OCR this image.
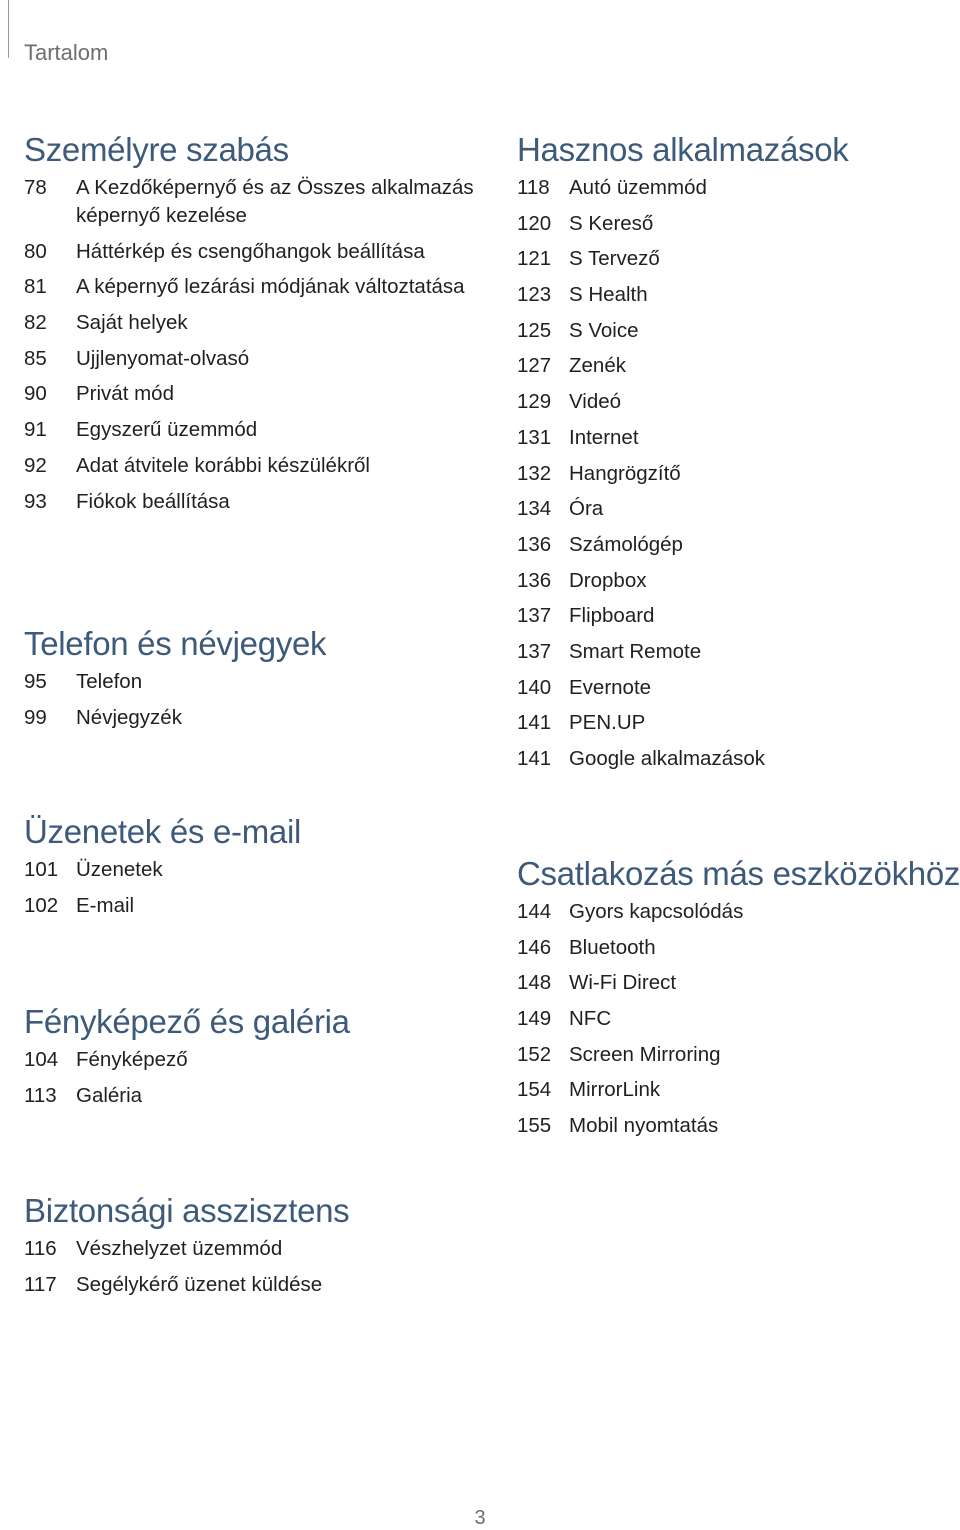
Tartalom
Személyre szabás
78	A Kezdőképernyő és az Összes alkalmazás képernyő kezelése
80	Háttérkép és csengőhangok beállítása
81	A képernyő lezárási módjának változtatása
82	Saját helyek
85	Ujjlenyomat-olvasó
90	Privát mód
91	Egyszerű üzemmód
92	Adat átvitele korábbi készülékről
93	Fiókok beállítása
Telefon és névjegyek
95	Telefon
99	Névjegyzék
Üzenetek és e-mail
101 Üzenetek
102 E-mail
Fényképező és galéria
104 Fényképező
113 Galéria
Biztonsági asszisztens
116 Vészhelyzet üzemmód
117 Segélykérő üzenet küldése
Hasznos alkalmazások
118 Autó üzemmód
120 S Kereső
121 S Tervező
123 S Health
125 S Voice
127 Zenék
129 Videó
131 Internet
132 Hangrögzítő
134 Óra
136 Számológép
136 Dropbox
137 Flipboard
137 Smart Remote
140 Evernote
141 PEN.UP
141 Google alkalmazások
Csatlakozás más eszközökhöz
144 Gyors kapcsolódás
146 Bluetooth
148 Wi-Fi Direct
149 NFC
152 Screen Mirroring
154 MirrorLink
155 Mobil nyomtatás
3
